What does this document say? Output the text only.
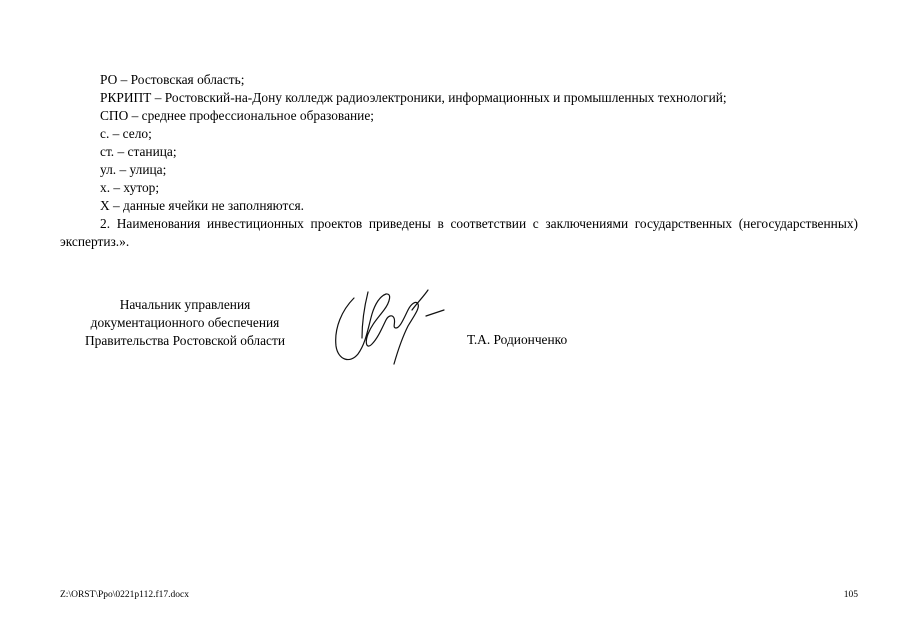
РО – Ростовская область;

РКРИПТ – Ростовский-на-Дону колледж радиоэлектроники, информационных и промышленных технологий;

СПО – среднее профессиональное образование;

с. – село;

ст. – станица;

ул. – улица;

х. – хутор;

Х – данные ячейки не заполняются.

2. Наименования инвестиционных проектов приведены в соответствии с заключениями государственных (негосударственных) экспертиз.».

Начальник управления
документационного обеспечения
Правительства Ростовской области	Т.А. Родионченко
Z:\ORST\Ppo\0221p112.f17.docx	105
